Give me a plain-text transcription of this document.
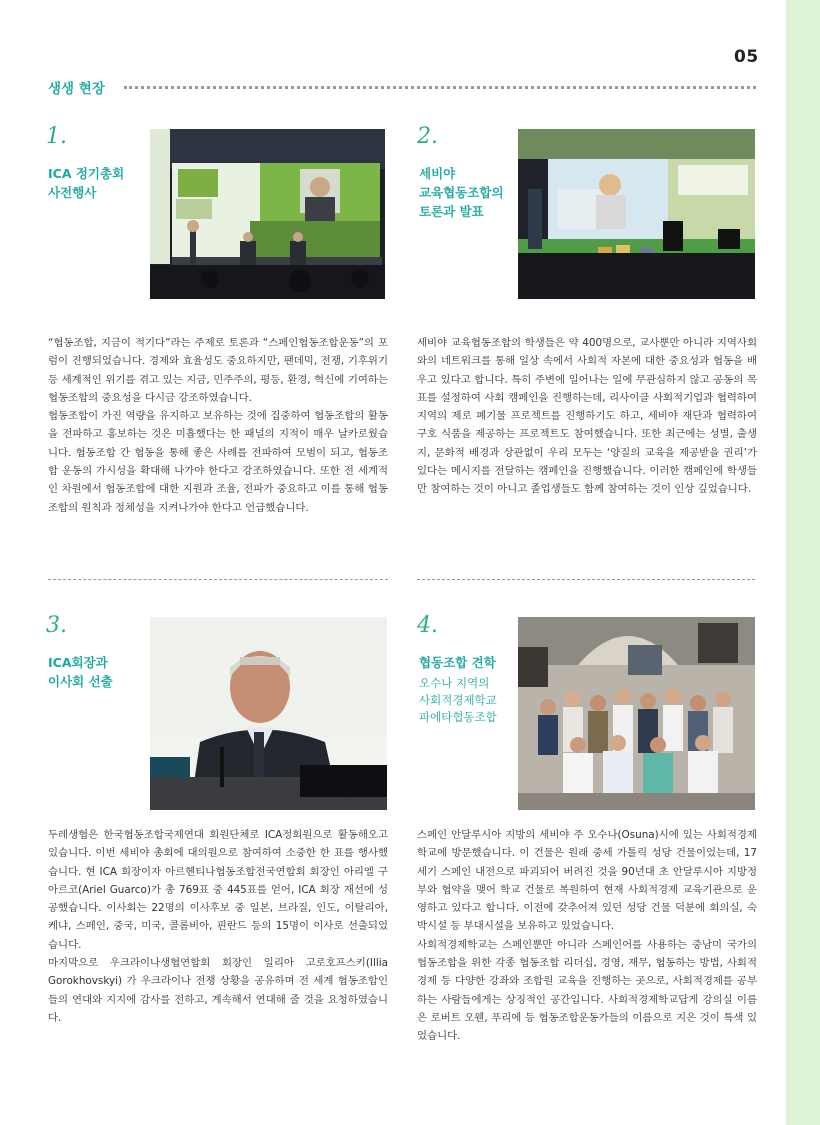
05
생생 현장
1.
ICA 정기총회
사전행사

“협동조합, 지금이 적기다”라는 주제로 토론과 “스페인협동조합운동”의 포럼이 진행되었습니다. 경제와 효율성도 중요하지만, 팬데믹, 전쟁, 기후위기 등 세계적인 위기를 겪고 있는 지금, 민주주의, 평등, 환경, 혁신에 기여하는 협동조합의 중요성을 다시금 강조하였습니다.

협동조합이 가진 역량을 유지하고 보유하는 것에 집중하여 협동조합의 활동을 전파하고 홍보하는 것은 미흡했다는 한 패널의 지적이 매우 날카로웠습니다. 협동조합 간 협동을 통해 좋은 사례를 전파하여 모범이 되고, 협동조합 운동의 가시성을 확대해 나가야 한다고 강조하였습니다. 또한 전 세계적인 차원에서 협동조합에 대한 지원과 조율, 전파가 중요하고 이를 통해 협동조합의 원칙과 정체성을 지켜나가야 한다고 언급했습니다.

2.
세비야
교육협동조합의
토론과 발표

세비야 교육협동조합의 학생들은 약 400명으로, 교사뿐만 아니라 지역사회와의 네트워크를 통해 일상 속에서 사회적 자본에 대한 중요성과 협동을 배우고 있다고 합니다. 특히 주변에 일어나는 일에 무관심하지 않고 공동의 목표를 설정하여 사회 캠페인을 진행하는데, 리사이클 사회적기업과 협력하여 지역의 제로 폐기물 프로젝트를 진행하기도 하고, 세비야 재단과 협력하여 구호 식품을 제공하는 프로젝트도 참여했습니다. 또한 최근에는 성별, 출생지, 문화적 배경과 상관없이 우리 모두는 ‘양질의 교육을 제공받을 권리’가 있다는 메시지를 전달하는 캠페인을 진행했습니다. 이러한 캠페인에 학생들만 참여하는 것이 아니고 졸업생들도 함께 참여하는 것이 인상 깊었습니다.

3.
ICA회장과
이사회 선출

두레생협은 한국협동조합국제연대 회원단체로 ICA정회원으로 활동해오고 있습니다. 이번 세비야 총회에 대의원으로 참여하여 소중한 한 표를 행사했습니다. 현 ICA 회장이자 아르헨티나협동조합전국연합회 회장인 아리엘 구아르코(Ariel Guarco)가 총 769표 중 445표를 얻어, ICA 회장 재선에 성공했습니다. 이사회는 22명의 이사후보 중 일본, 브라질, 인도, 이탈리아, 케냐, 스페인, 중국, 미국, 콜롬비아, 핀란드 등의 15명이 이사로 선출되었습니다.

마지막으로 우크라이나생협연합회 회장인 일리아 고로호프스키(Illia Gorokhovskyi) 가 우크라이나 전쟁 상황을 공유하며 전 세계 협동조합인들의 연대와 지지에 감사를 전하고, 계속해서 연대해 줄 것을 요청하였습니다.

4.
협동조합 견학
오수나 지역의
사회적경제학교
파에타협동조합

스페인 안달루시아 지방의 세비야 주 오수나(Osuna)시에 있는 사회적경제학교에 방문했습니다. 이 건물은 원래 중세 가톨릭 성당 건물이었는데, 17세기 스페인 내전으로 파괴되어 버려진 것을 90년대 초 안달루시아 지방정부와 협약을 맺어 학교 건물로 복원하여 현재 사회적경제 교육기관으로 운영하고 있다고 합니다. 이전에 갖추어져 있던 성당 건물 덕분에 회의실, 숙박시설 등 부대시설을 보유하고 있었습니다.

사회적경제학교는 스페인뿐만 아니라 스페인어를 사용하는 중남미 국가의 협동조합을 위한 각종 협동조합 리더십, 경영, 재무, 협동하는 방법, 사회적경제 등 다양한 강좌와 조합원 교육을 진행하는 곳으로, 사회적경제를 공부하는 사람들에게는 상징적인 공간입니다. 사회적경제학교답게 강의실 이름은 로버트 오웬, 푸리에 등 협동조합운동가들의 이름으로 지은 것이 특색 있었습니다.
